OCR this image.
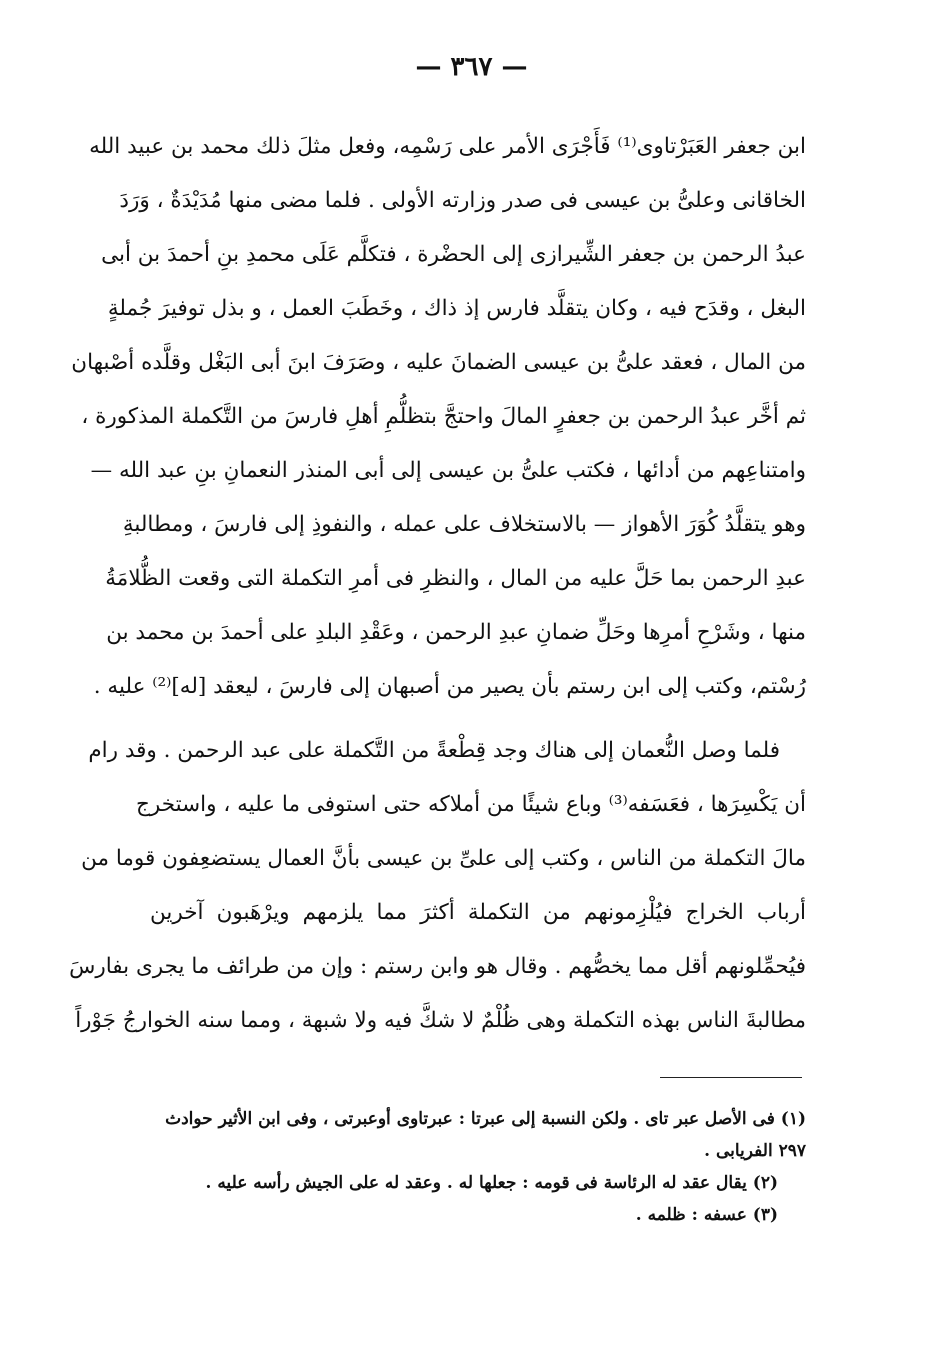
— ٣٦٧ —
ابن جعفر العَبَرْتاوى⁽¹⁾ فَأَجْرَى الأمر على رَسْمِه، وفعل مثلَ ذلك محمد بن عبيد الله
الخاقانى وعلىُّ بن عيسى فى صدر وزارته الأولى . فلما مضى منها مُدَيْدَةٌ ، وَرَدَ
عبدُ الرحمن بن جعفر الشِّيرازى إلى الحضْرة ، فتكلَّم عَلَى محمدِ بنِ أحمدَ بن أبى
البغل ، وقدَح فيه ، وكان يتقلَّد فارس إذ ذاك ، وخَطَبَ العمل ، و بذل توفيرَ جُملةٍ
من المال ، فعقد علىُّ بن عيسى الضمانَ عليه ، وصَرَفَ ابنَ أبى البَغْل وقلَّده أصْبهان
ثم أخَّر عبدُ الرحمن بن جعفرٍ المالَ واحتجَّ بتظلُّمِ أهلِ فارسَ من التَّكملة المذكورة ،
وامتناعِهم من أدائها ، فكتب علىُّ بن عيسى إلى أبى المنذر النعمانِ بنِ عبد الله —
وهو يتقلَّدُ كُوَرَ الأهواز — بالاستخلاف على عمله ، والنفوذِ إلى فارسَ ، ومطالبةِ
عبدِ الرحمن بما حَلَّ عليه من المال ، والنظرِ فى أمرِ التكملة التى وقعت الظُّلامَةُ
منها ، وشَرْحِ أمرِها وحَلِّ ضمانِ عبدِ الرحمن ، وعَقْدِ البلدِ على أحمدَ بن محمد بن
رُسْتم، وكتب إلى ابن رستم بأن يصير من أصبهان إلى فارسَ ، ليعقد [له]⁽²⁾ عليه .
فلما وصل النُّعمان إلى هناك وجد قِطْعةً من التَّكملة على عبد الرحمن . وقد رام
أن يَكْسِرَها ، فعَسَفه⁽³⁾ وباع شيئًا من أملاكه حتى استوفى ما عليه ، واستخرج
مالَ التكملة من الناس ، وكتب إلى علىِّ بن عيسى بأنَّ العمال يستضعِفون قوما من
أرباب الخراج فيُلْزِمونهم من التكملة أكثرَ مما يلزمهم ويرْهَبون آخرين
فيُحمِّلونهم أقل مما يخصُّهم . وقال هو وابن رستم : وإن من طرائف ما يجرى بفارسَ
مطالبةَ الناس بهذه التكملة وهى ظُلْمٌ لا شكَّ فيه ولا شبهة ، ومما سنه الخوارجُ جَوْراً
(١) فى الأصل عبر تاى . ولكن النسبة إلى عبرتا : عبرتاوى أوعبرتى ، وفى ابن الأثير حوادث
٢٩٧ الفريابى .
(٢) يقال عقد له الرئاسة فى قومه : جعلها له . وعقد له على الجيش رأسه عليه .
(٣) عسفه : ظلمه .
